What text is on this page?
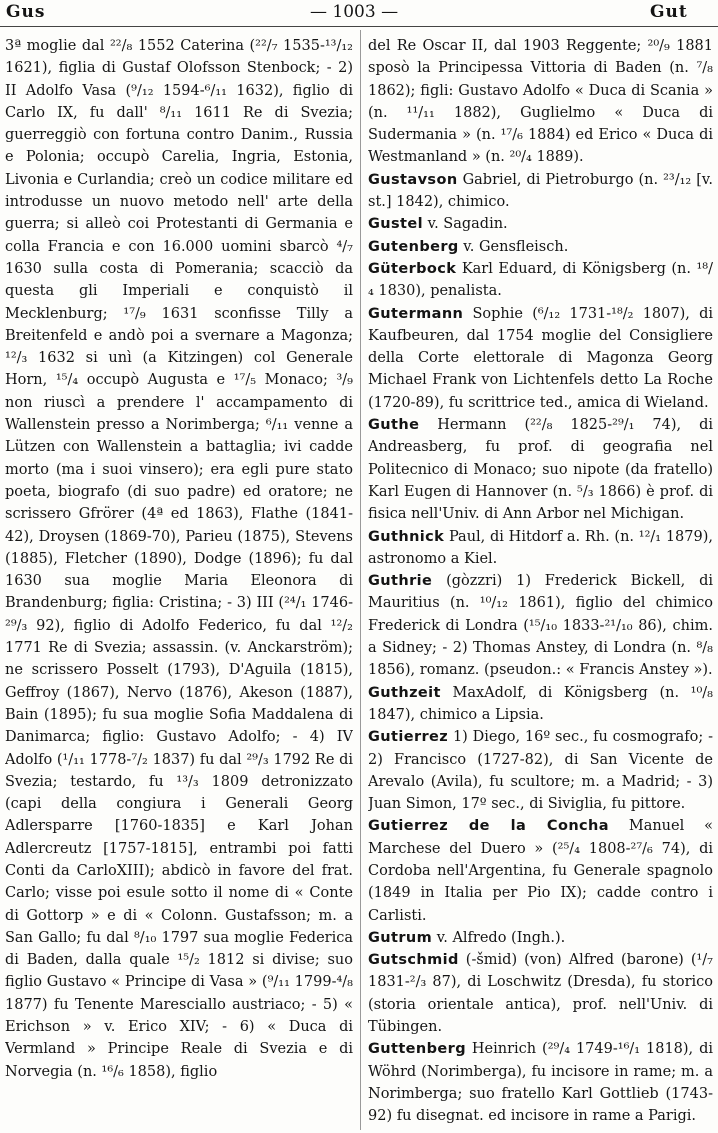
Gus	— 1003 —	Gut

3ª moglie dal ²²/₈ 1552 Caterina (²²/₇ 1535-¹³/₁₂ 1621), figlia di Gustaf Olofsson Stenbock; - 2) II Adolfo Vasa (⁹/₁₂ 1594-⁶/₁₁ 1632), figlio di Carlo IX, fu dall' ⁸/₁₁ 1611 Re di Svezia; guerreggiò con fortuna contro Danim., Russia e Polonia; occupò Carelia, Ingria, Estonia, Livonia e Curlandia; creò un codice militare ed introdusse un nuovo metodo nell' arte della guerra; si alleò coi Protestanti di Germania e colla Francia e con 16.000 uomini sbarcò ⁴/₇ 1630 sulla costa di Pomerania; scacciò da questa gli Imperiali e conquistò il Mecklenburg; ¹⁷/₉ 1631 sconfisse Tilly a Breitenfeld e andò poi a svernare a Magonza; ¹²/₃ 1632 si unì (a Kitzingen) col Generale Horn, ¹⁵/₄ occupò Augusta e ¹⁷/₅ Monaco; ³/₉ non riuscì a prendere l' accampamento di Wallenstein presso a Norimberga; ⁶/₁₁ venne a Lützen con Wallenstein a battaglia; ivi cadde morto (ma i suoi vinsero); era egli pure stato poeta, biografo (di suo padre) ed oratore; ne scrissero Gfrörer (4ª ed 1863), Flathe (1841-42), Droysen (1869-70), Parieu (1875), Stevens (1885), Fletcher (1890), Dodge (1896); fu dal 1630 sua moglie Maria Eleonora di Brandenburg; figlia: Cristina; - 3) III (²⁴/₁ 1746-²⁹/₃ 92), figlio di Adolfo Federico, fu dal ¹²/₂ 1771 Re di Svezia; assassin. (v. Anckarström); ne scrissero Posselt (1793), D'Aguila (1815), Geffroy (1867), Nervo (1876), Akeson (1887), Bain (1895); fu sua moglie Sofia Maddalena di Danimarca; figlio: Gustavo Adolfo; - 4) IV Adolfo (¹/₁₁ 1778-⁷/₂ 1837) fu dal ²⁹/₃ 1792 Re di Svezia; testardo, fu ¹³/₃ 1809 detronizzato (capi della congiura i Generali Georg Adlersparre [1760-1835] e Karl Johan Adlercreutz [1757-1815], entrambi poi fatti Conti da CarloXIII); abdicò in favore del frat. Carlo; visse poi esule sotto il nome di « Conte di Gottorp » e di « Colonn. Gustafsson; m. a San Gallo; fu dal ⁸/₁₀ 1797 sua moglie Federica di Baden, dalla quale ¹⁵/₂ 1812 si divise; suo figlio Gustavo « Principe di Vasa » (⁹/₁₁ 1799-⁴/₈ 1877) fu Tenente Maresciallo austriaco; - 5) « Erichson » v. Erico XIV; - 6) « Duca di Vermland » Principe Reale di Svezia e di Norvegia (n. ¹⁶/₆ 1858), figlio

del Re Oscar II, dal 1903 Reggente; ²⁰/₉ 1881 sposò la Principessa Vittoria di Baden (n. ⁷/₈ 1862); figli: Gustavo Adolfo « Duca di Scania » (n. ¹¹/₁₁ 1882), Guglielmo « Duca di Sudermania » (n. ¹⁷/₆ 1884) ed Erico « Duca di Westmanland » (n. ²⁰/₄ 1889).

Gustavson Gabriel, di Pietroburgo (n. ²³/₁₂ [v. st.] 1842), chimico.

Gustel v. Sagadin.

Gutenberg v. Gensfleisch.

Güterbock Karl Eduard, di Königsberg (n. ¹⁸/₄ 1830), penalista.

Gutermann Sophie (⁶/₁₂ 1731-¹⁸/₂ 1807), di Kaufbeuren, dal 1754 moglie del Consigliere della Corte elettorale di Magonza Georg Michael Frank von Lichtenfels detto La Roche (1720-89), fu scrittrice ted., amica di Wieland.

Guthe Hermann (²²/₈ 1825-²⁹/₁ 74), di Andreasberg, fu prof. di geografia nel Politecnico di Monaco; suo nipote (da fratello) Karl Eugen di Hannover (n. ⁵/₃ 1866) è prof. di fisica nell'Univ. di Ann Arbor nel Michigan.

Guthnick Paul, di Hitdorf a. Rh. (n. ¹²/₁ 1879), astronomo a Kiel.

Guthrie (gòzzri) 1) Frederick Bickell, di Mauritius (n. ¹⁰/₁₂ 1861), figlio del chimico Frederick di Londra (¹⁵/₁₀ 1833-²¹/₁₀ 86), chim. a Sidney; - 2) Thomas Anstey, di Londra (n. ⁸/₈ 1856), romanz. (pseudon.: « Francis Anstey »).

Guthzeit MaxAdolf, di Königsberg (n. ¹⁰/₈ 1847), chimico a Lipsia.

Gutierrez 1) Diego, 16º sec., fu cosmografo; - 2) Francisco (1727-82), di San Vicente de Arevalo (Avila), fu scultore; m. a Madrid; - 3) Juan Simon, 17º sec., di Siviglia, fu pittore.

Gutierrez de la Concha Manuel « Marchese del Duero » (²⁵/₄ 1808-²⁷/₆ 74), di Cordoba nell'Argentina, fu Generale spagnolo (1849 in Italia per Pio IX); cadde contro i Carlisti.

Gutrum v. Alfredo (Ingh.).

Gutschmid (-šmid) (von) Alfred (barone) (¹/₇ 1831-²/₃ 87), di Loschwitz (Dresda), fu storico (storia orientale antica), prof. nell'Univ. di Tübingen.

Guttenberg Heinrich (²⁹/₄ 1749-¹⁶/₁ 1818), di Wöhrd (Norimberga), fu incisore in rame; m. a Norimberga; suo fratello Karl Gottlieb (1743-92) fu disegnat. ed incisore in rame a Parigi.
